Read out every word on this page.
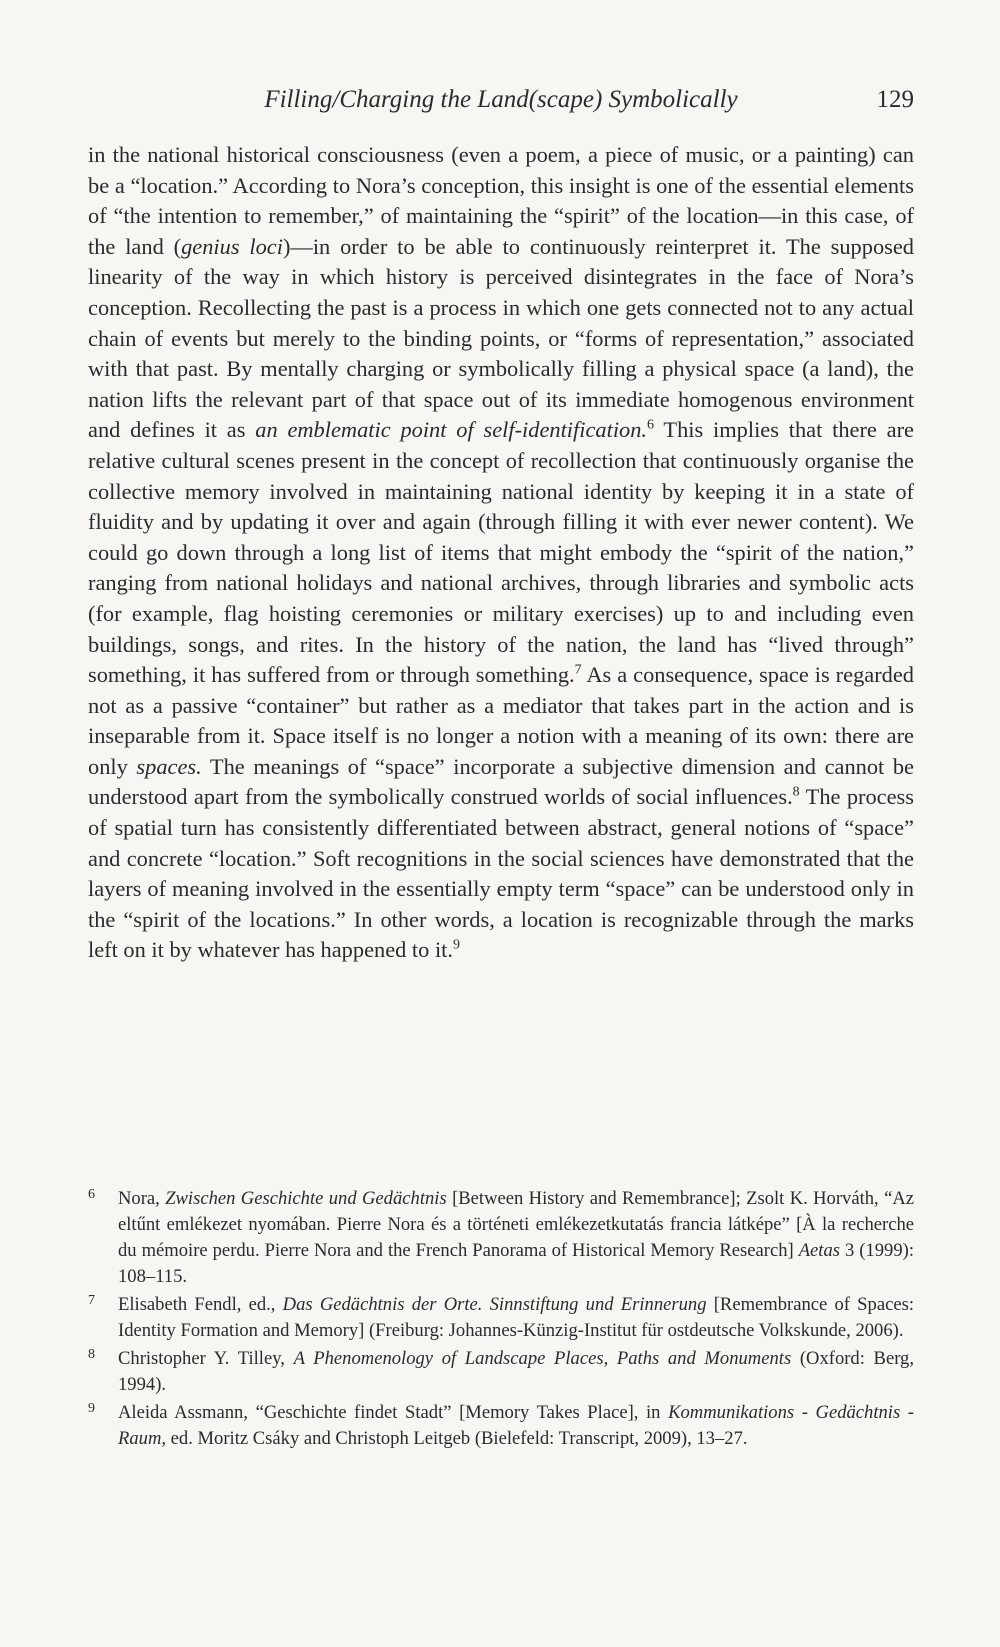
Filling/Charging the Land(scape) Symbolically	129

in the national historical consciousness (even a poem, a piece of music, or a painting) can be a “location.” According to Nora’s conception, this insight is one of the essential elements of “the intention to remember,” of maintaining the “spirit” of the location—in this case, of the land (genius loci)—in order to be able to continuously reinterpret it. The supposed linearity of the way in which history is perceived disintegrates in the face of Nora’s conception. Recollecting the past is a process in which one gets connected not to any actual chain of events but merely to the binding points, or “forms of representation,” associated with that past. By mentally charging or symbolically filling a physical space (a land), the nation lifts the relevant part of that space out of its immediate homogenous environment and defines it as an emblematic point of self-identification.$^6$ This implies that there are relative cultural scenes present in the concept of recollection that continuously organise the collective memory involved in maintaining national identity by keeping it in a state of fluidity and by updating it over and again (through filling it with ever newer content). We could go down through a long list of items that might embody the “spirit of the nation,” ranging from national holidays and national archives, through libraries and symbolic acts (for example, flag hoisting ceremonies or military exercises) up to and including even buildings, songs, and rites. In the history of the nation, the land has “lived through” something, it has suffered from or through something.$^7$ As a consequence, space is regarded not as a passive “container” but rather as a mediator that takes part in the action and is inseparable from it. Space itself is no longer a notion with a meaning of its own: there are only spaces. The meanings of “space” incorporate a subjective dimension and cannot be understood apart from the symbolically construed worlds of social influences.$^8$ The process of spatial turn has consistently differentiated between abstract, general notions of “space” and concrete “location.” Soft recognitions in the social sciences have demonstrated that the layers of meaning involved in the essentially empty term “space” can be understood only in the “spirit of the locations.” In other words, a location is recognizable through the marks left on it by whatever has happened to it.$^9$

6 Nora, Zwischen Geschichte und Gedächtnis [Between History and Remembrance]; Zsolt K. Horváth, “Az eltűnt emlékezet nyomában. Pierre Nora és a történeti emlékezetkutatás francia látképe” [À la recherche du mémoire perdu. Pierre Nora and the French Panorama of Historical Memory Research] Aetas 3 (1999): 108–115.
7 Elisabeth Fendl, ed., Das Gedächtnis der Orte. Sinnstiftung und Erinnerung [Remembrance of Spaces: Identity Formation and Memory] (Freiburg: Johannes-Künzig-Institut für ostdeutsche Volkskunde, 2006).
8 Christopher Y. Tilley, A Phenomenology of Landscape Places, Paths and Monuments (Oxford: Berg, 1994).
9 Aleida Assmann, “Geschichte findet Stadt” [Memory Takes Place], in Kommunikations - Gedächtnis - Raum, ed. Moritz Csáky and Christoph Leitgeb (Bielefeld: Transcript, 2009), 13–27.
